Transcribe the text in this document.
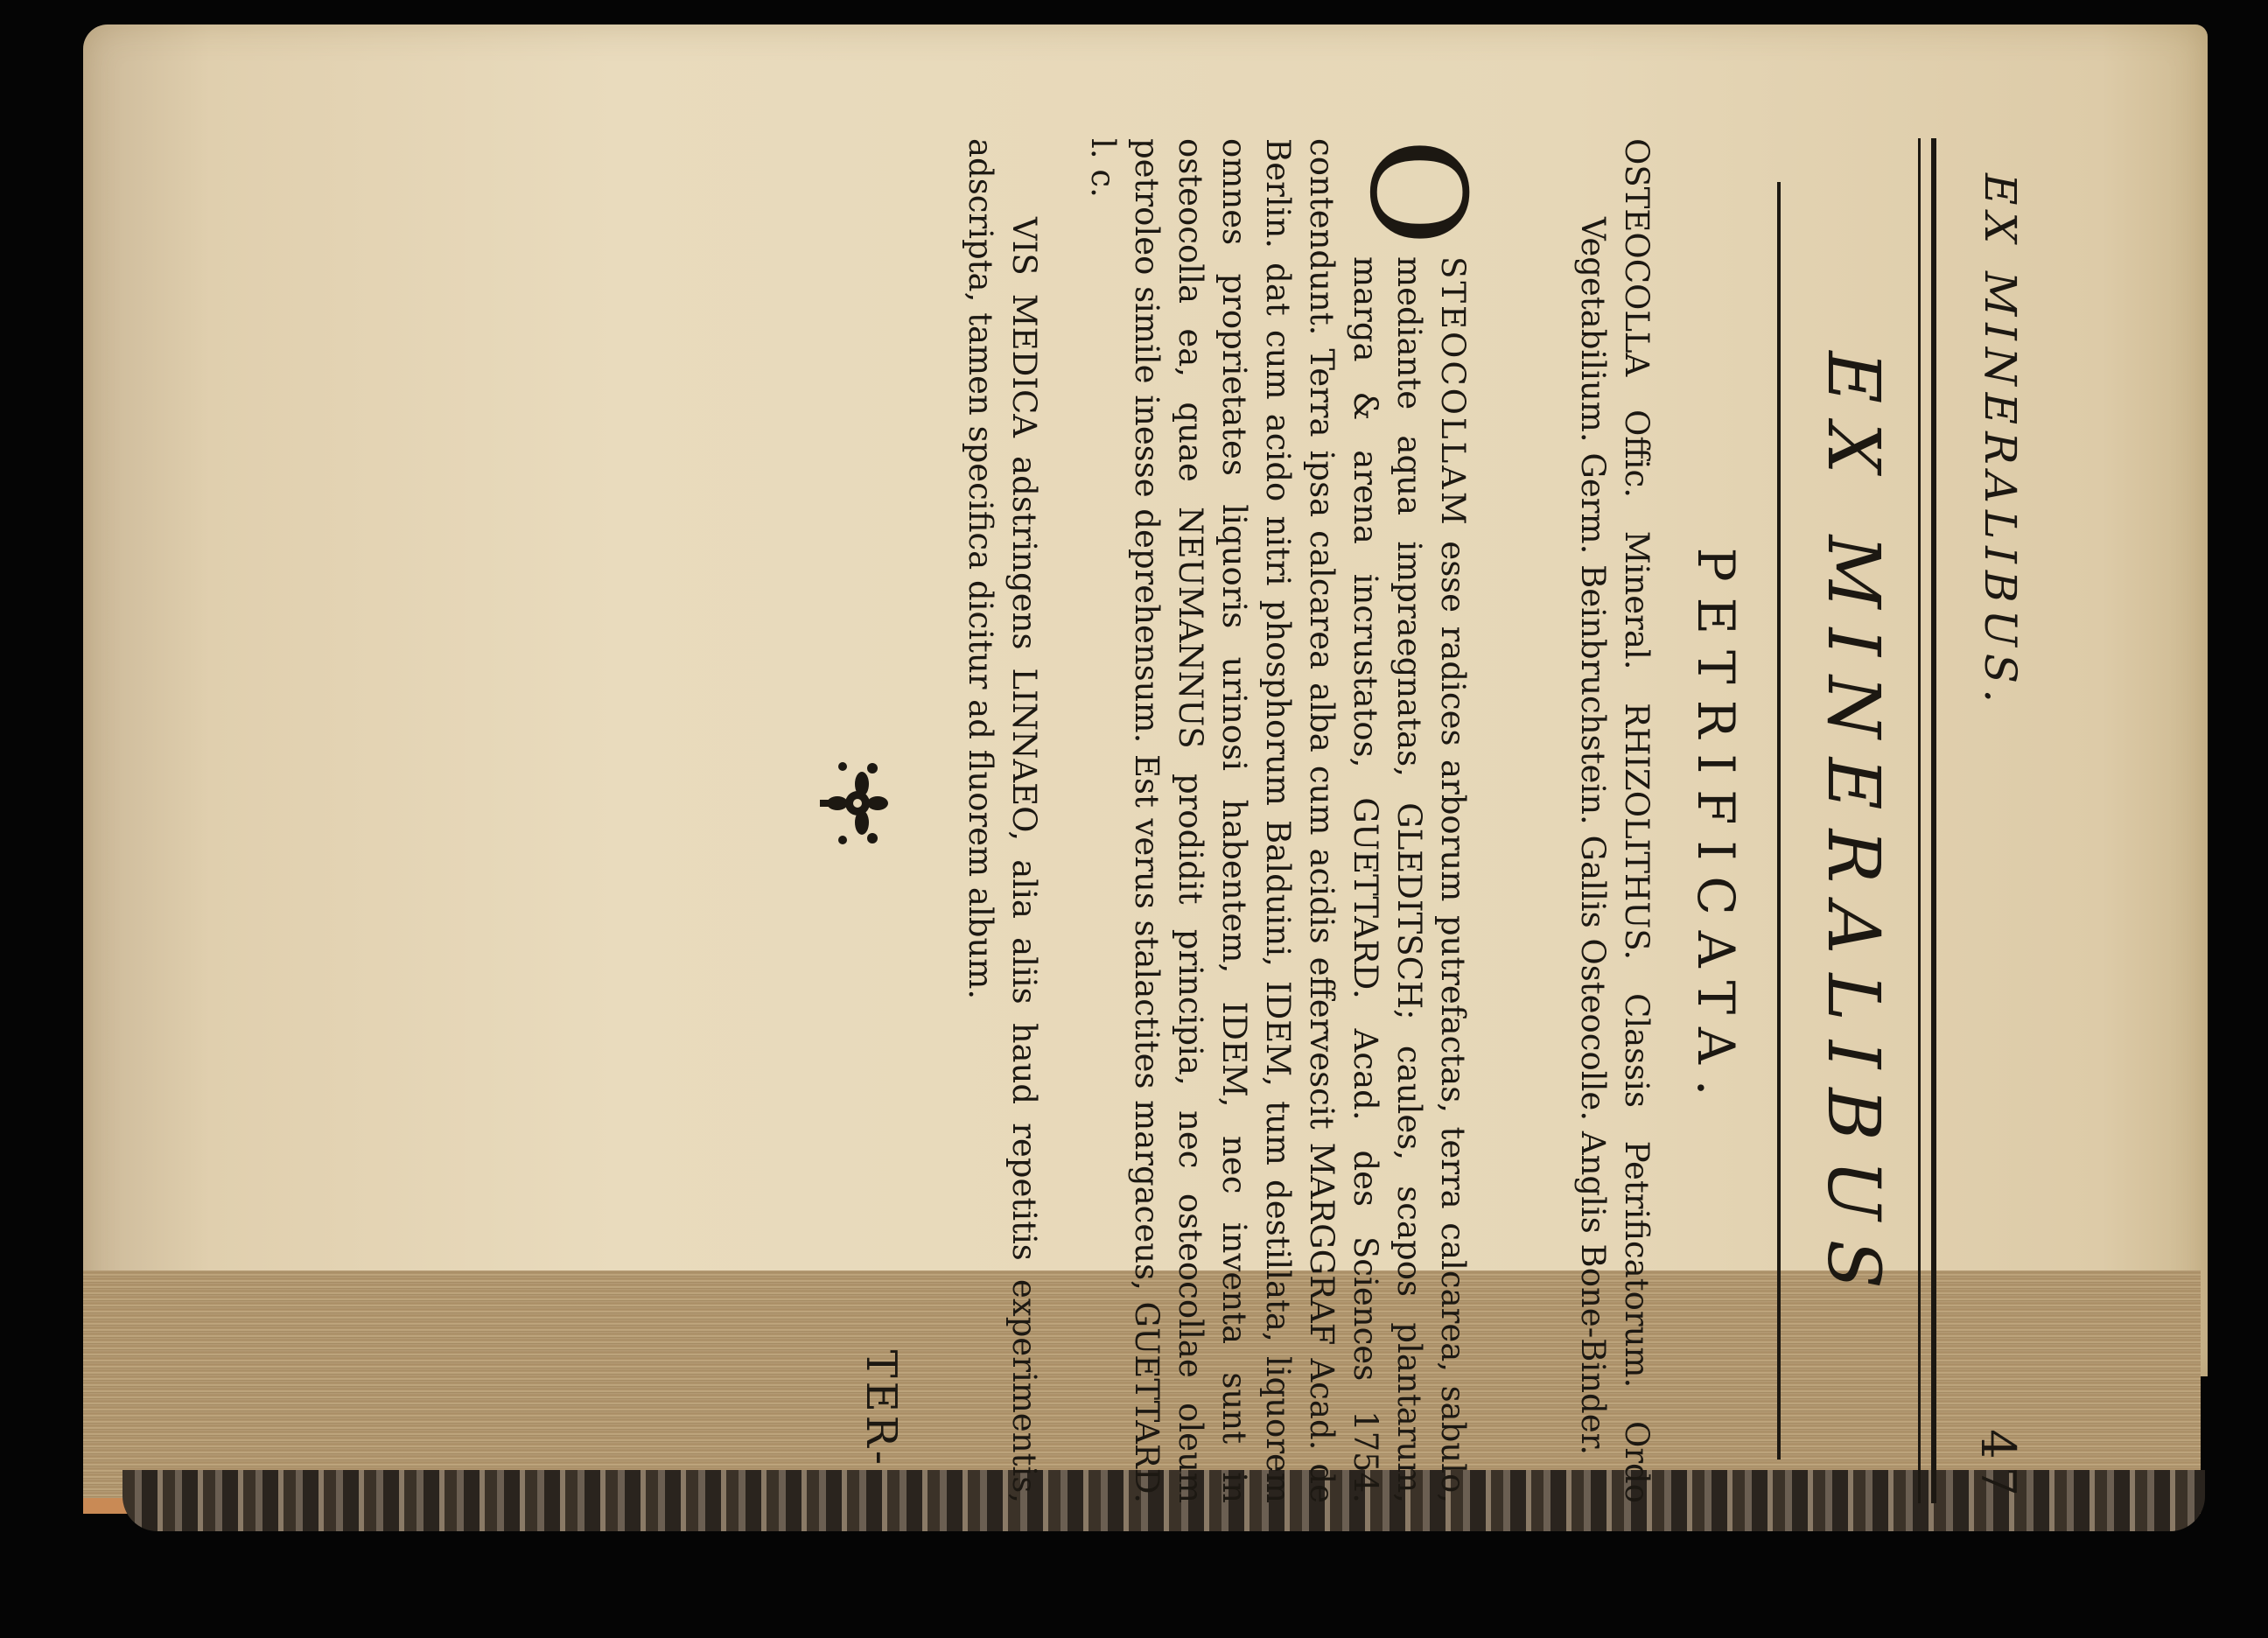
EX MINERALIBUS.
47
EX MINERALIBUS
PETRIFICATA.

OSTEOCOLLA Offic. Mineral. RHIZOLITHUS. Classis Petrificatorum. Ordo Vegetabilium. Germ. Beinbruchstein. Gallis Osteocolle. Anglis Bone-Binder.

O
STEOCOLLAM esse radices arborum putrefactas, terra calcarea, sabulo, mediante aqua impraegnatas, GLEDITSCH; caules, scapos plantarum, marga & arena incrustatos, GUETTARD. Acad. des Sciences 1754. contendunt. Terra ipsa calcarea alba cum acidis effervescit MARGGRAF Acad. de Berlin. dat cum acido nitri phosphorum Balduini, IDEM, tum destillata, liquorem omnes proprietates liquoris urinosi habentem, IDEM, nec inventa sunt in osteocolla ea, quae NEUMANNUS prodidit principia, nec osteocollae oleum petroleo simile inesse deprehensum. Est verus stalactites margaceus, GUETTARD. l. c.

VIS MEDICA adstringens LINNAEO, alia aliis haud repetitis experimentis, adscripta, tamen specifica dicitur ad fluorem album.

TER-
